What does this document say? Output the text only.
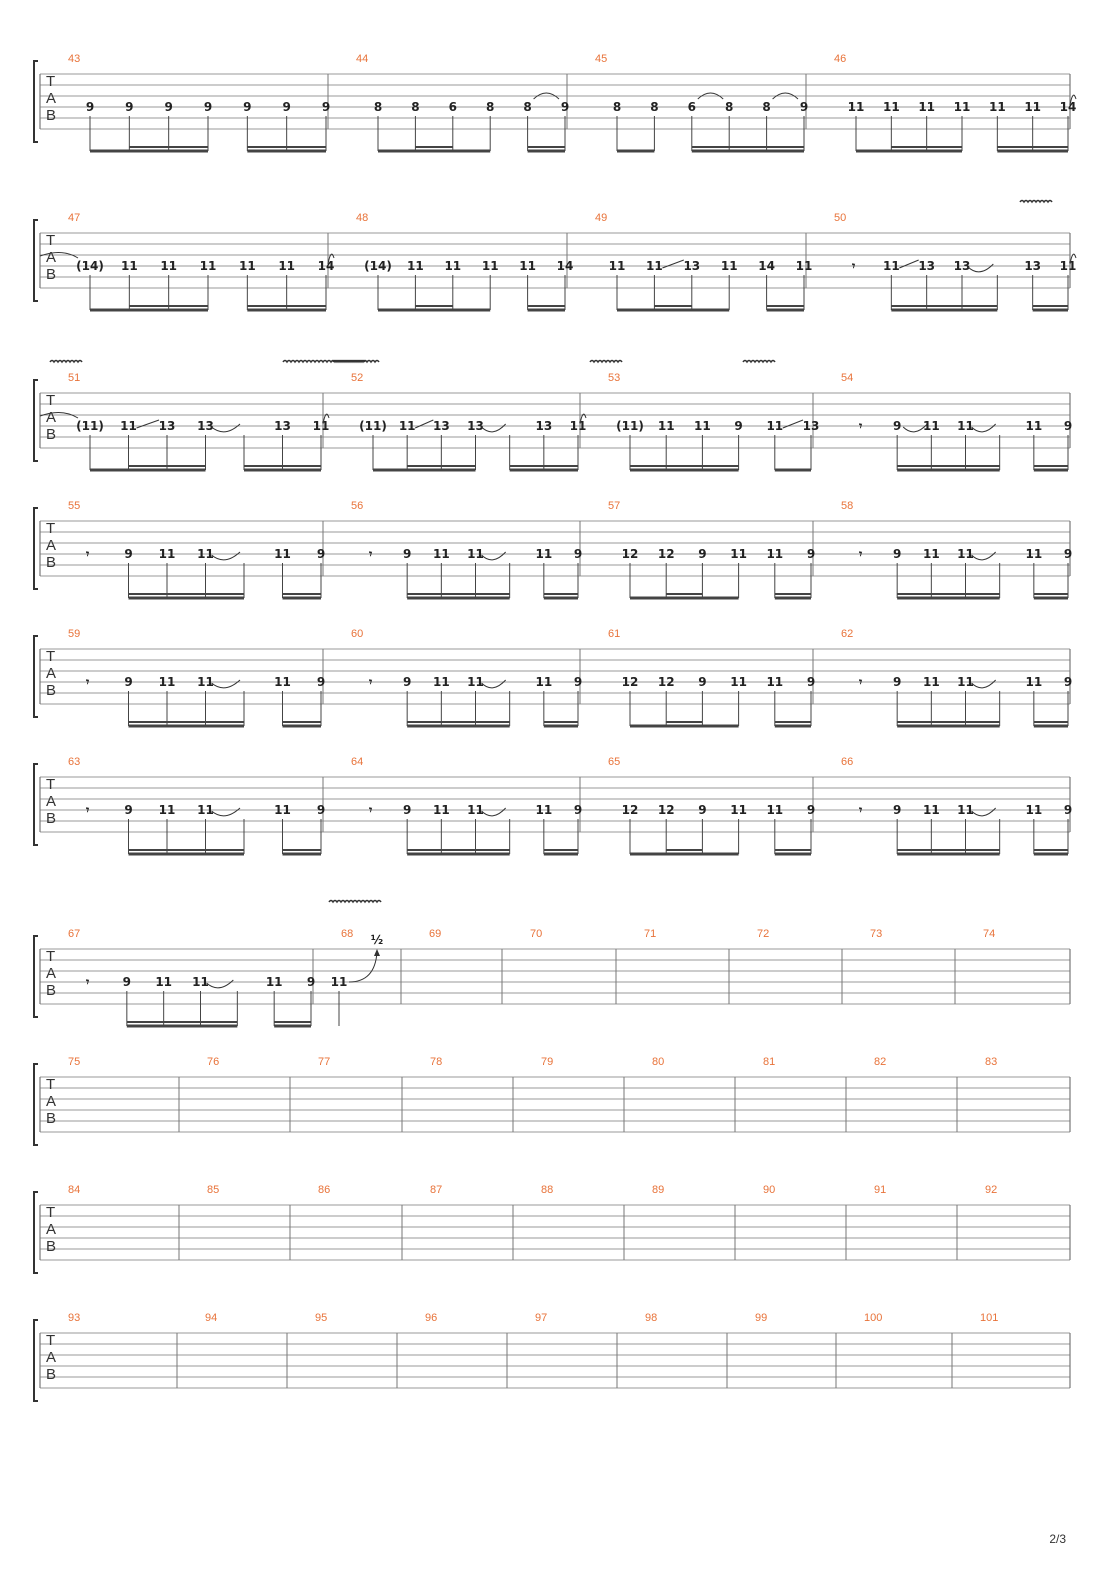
T
A
B
43
9	9	9	9	9	9	9
44
8 8 6 8 8 9
45
8 8 6 8 8 9
46
11 11 11 11 11 11 14
T
A
B
47
(14) 11 11 11 11 11 14
48
(14) 11 11 11 11 14
49
11 11 13 11 14 11
50
𝄾 11 13 13	13 11
T
A
B
51
(11) 11 13 13	13 11
52
(11) 11 13 13	13 11
53
(11) 11 11 9 11 13
54
𝄾	9 11 11	11 9
T
A
B
55
𝄾	9 11 11	11 9
56
𝄾	9 11 11	11 9
57
12 12 9 11 11 9
58
𝄾	9 11 11	11 9
T
A
B
59
𝄾	9 11 11	11 9
60
𝄾	9 11 11	11 9
61
12 12 9 11 11 9
62
𝄾	9 11 11	11 9
T
A
B
63
𝄾	9 11 11	11 9
64
𝄾	9 11 11	11 9
65
12 12 9 11 11 9
66
𝄾	9 11 11	11 9
T
A
B
67
𝄾	9 11 11	11 9
68
11
½	69	70	71	72	73	74
T
A
B
75	76	77	78	79	80	81	82	83
T
A
B
84	85	86	87	88	89	90	91	92
T
A
B
93	94	95	96	97	98	99	100	101
2/3
